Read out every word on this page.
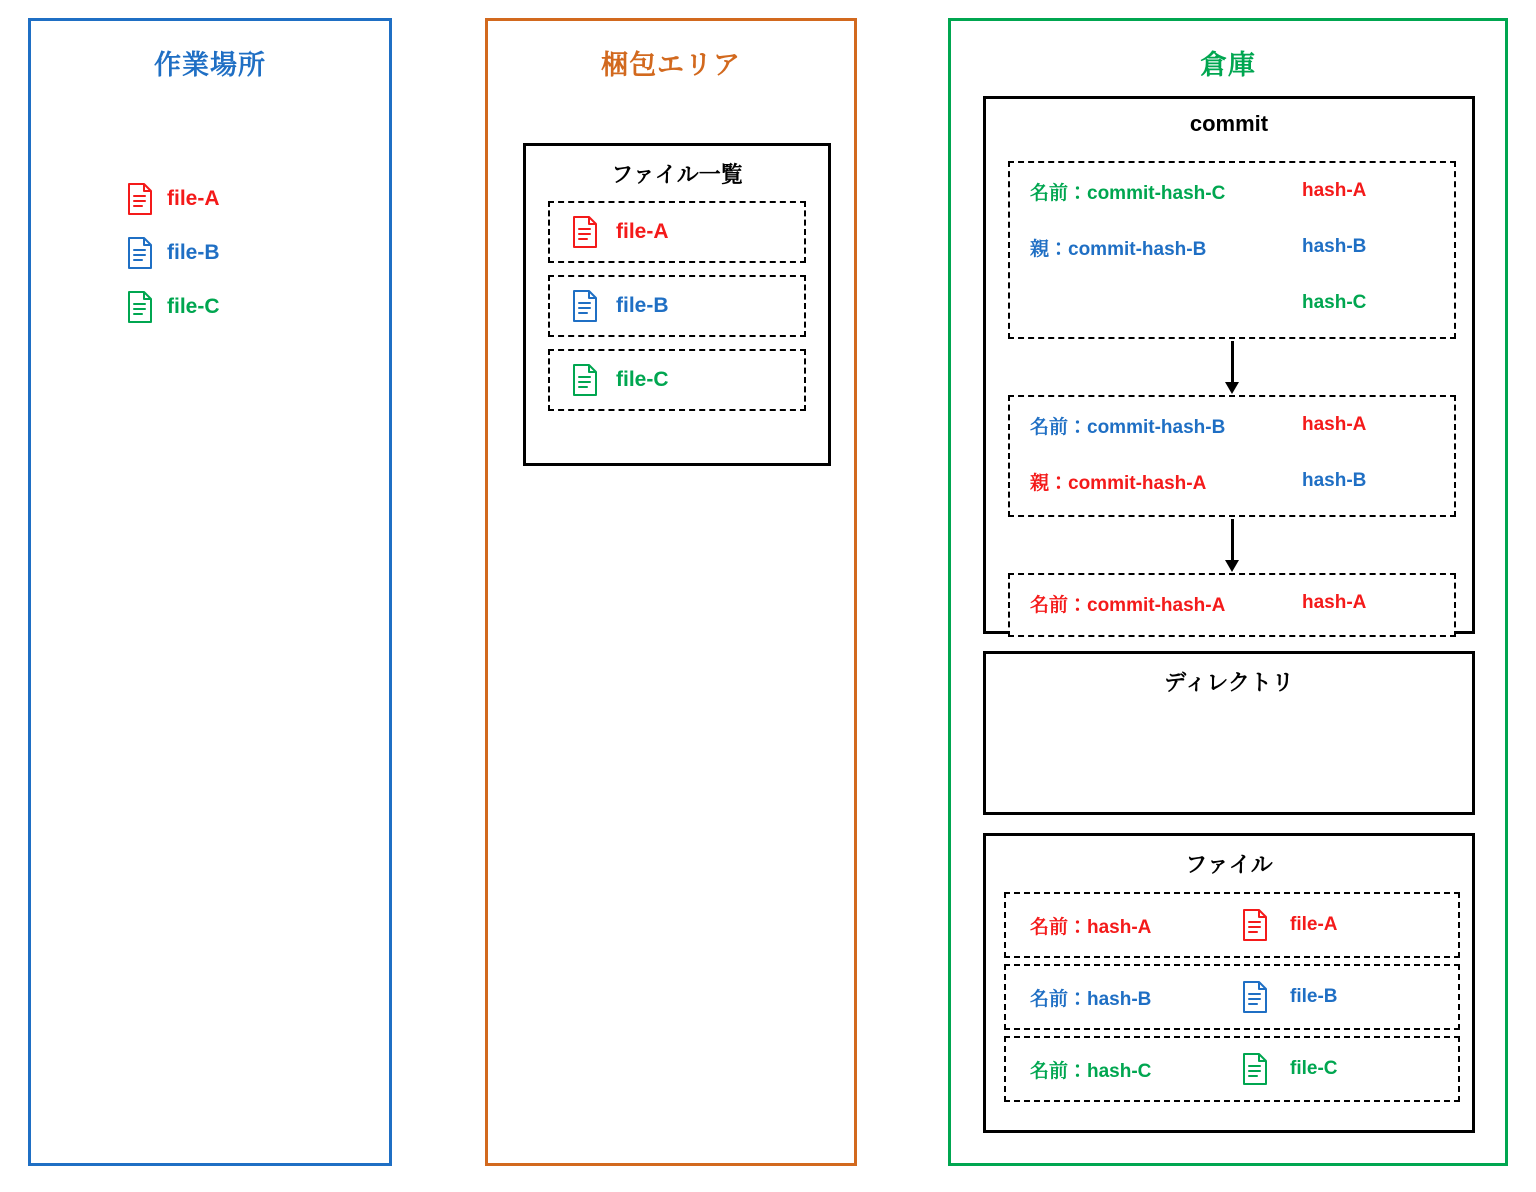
作業場所
file-A
file-B
file-C
梱包エリア
ファイル一覧
file-A
file-B
file-C
倉庫
commit
名前：commit-hash-C	hash-A
親：commit-hash-B	hash-B
hash-C
名前：commit-hash-B	hash-A
親：commit-hash-A	hash-B
名前：commit-hash-A	hash-A
ディレクトリ
ファイル
名前：hash-A	file-A
名前：hash-B	file-B
名前：hash-C	file-C
